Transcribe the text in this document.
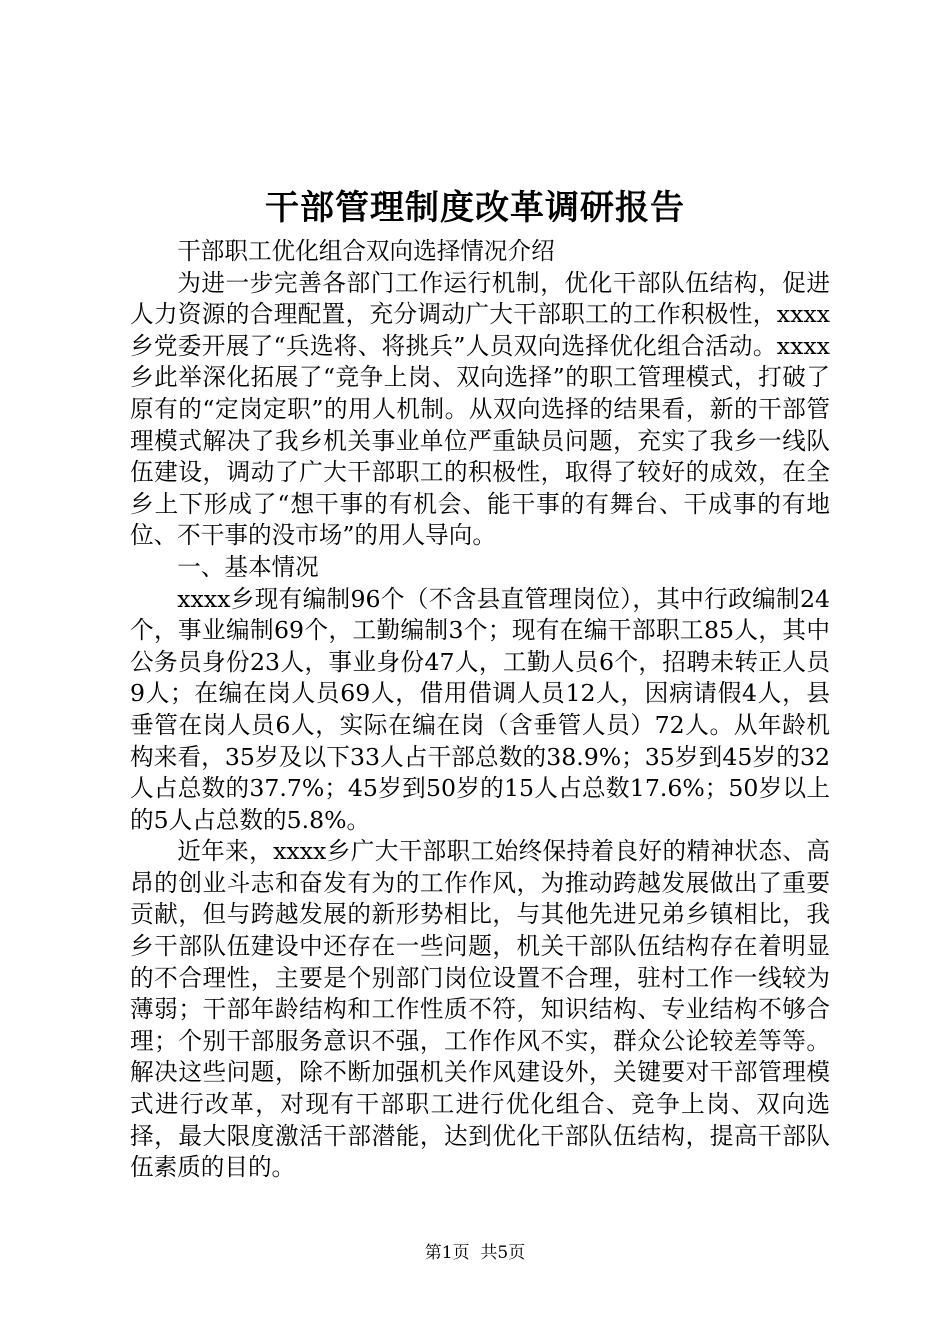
干部管理制度改革调研报告

干部职工优化组合双向选择情况介绍

为进一步完善各部门工作运行机制，优化干部队伍结构，促进人力资源的合理配置，充分调动广大干部职工的工作积极性，xxxx乡党委开展了“兵选将、将挑兵”人员双向选择优化组合活动。xxxx乡此举深化拓展了“竞争上岗、双向选择”的职工管理模式，打破了原有的“定岗定职”的用人机制。从双向选择的结果看，新的干部管理模式解决了我乡机关事业单位严重缺员问题，充实了我乡一线队伍建设，调动了广大干部职工的积极性，取得了较好的成效，在全乡上下形成了“想干事的有机会、能干事的有舞台、干成事的有地位、不干事的没市场”的用人导向。

一、基本情况

xxxx乡现有编制96个（不含县直管理岗位），其中行政编制24个，事业编制69个，工勤编制3个；现有在编干部职工85人，其中公务员身份23人，事业身份47人，工勤人员6个，招聘未转正人员9人；在编在岗人员69人，借用借调人员12人，因病请假4人，县垂管在岗人员6人，实际在编在岗（含垂管人员）72人。从年龄机构来看，35岁及以下33人占干部总数的38.9%；35岁到45岁的32人占总数的37.7%；45岁到50岁的15人占总数17.6%；50岁以上的5人占总数的5.8%。

近年来，xxxx乡广大干部职工始终保持着良好的精神状态、高昂的创业斗志和奋发有为的工作作风，为推动跨越发展做出了重要贡献，但与跨越发展的新形势相比，与其他先进兄弟乡镇相比，我乡干部队伍建设中还存在一些问题，机关干部队伍结构存在着明显的不合理性，主要是个别部门岗位设置不合理，驻村工作一线较为薄弱；干部年龄结构和工作性质不符，知识结构、专业结构不够合理；个别干部服务意识不强，工作作风不实，群众公论较差等等。解决这些问题，除不断加强机关作风建设外，关键要对干部管理模式进行改革，对现有干部职工进行优化组合、竞争上岗、双向选择，最大限度激活干部潜能，达到优化干部队伍结构，提高干部队伍素质的目的。

第1页 共5页
